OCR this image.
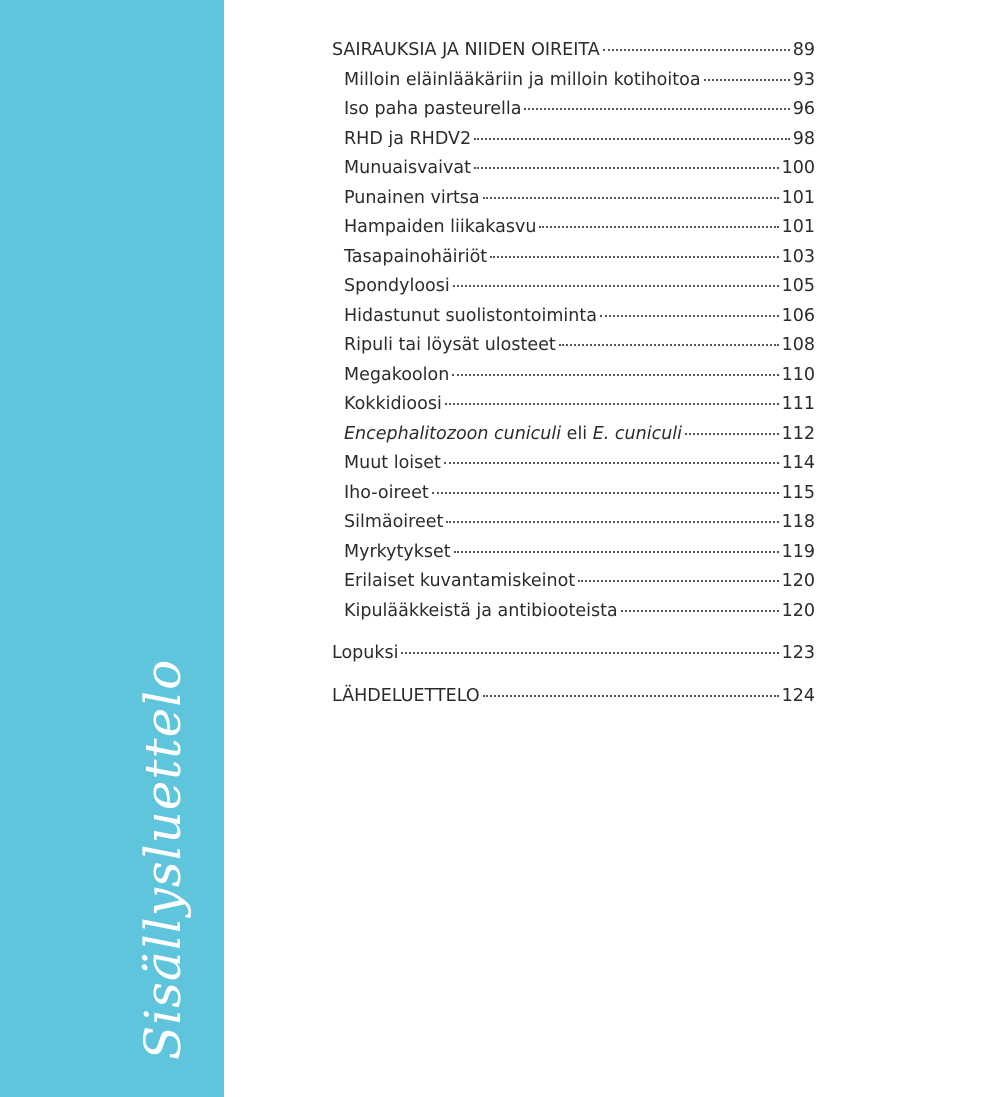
Sisällysluettelo
SAIRAUKSIA JA NIIDEN OIREITA	89
Milloin eläinlääkäriin ja milloin kotihoitoa	93
Iso paha pasteurella	96
RHD ja RHDV2	98
Munuaisvaivat	100
Punainen virtsa	101
Hampaiden liikakasvu	101
Tasapainohäiriöt	103
Spondyloosi	105
Hidastunut suolistontoiminta	106
Ripuli tai löysät ulosteet	108
Megakoolon	110
Kokkidioosi	111
Encephalitozoon cuniculi eli E. cuniculi	112
Muut loiset	114
Iho-oireet	115
Silmäoireet	118
Myrkytykset	119
Erilaiset kuvantamiskeinot	120
Kipulääkkeistä ja antibiooteista	120
Lopuksi	123
LÄHDELUETTELO	124
